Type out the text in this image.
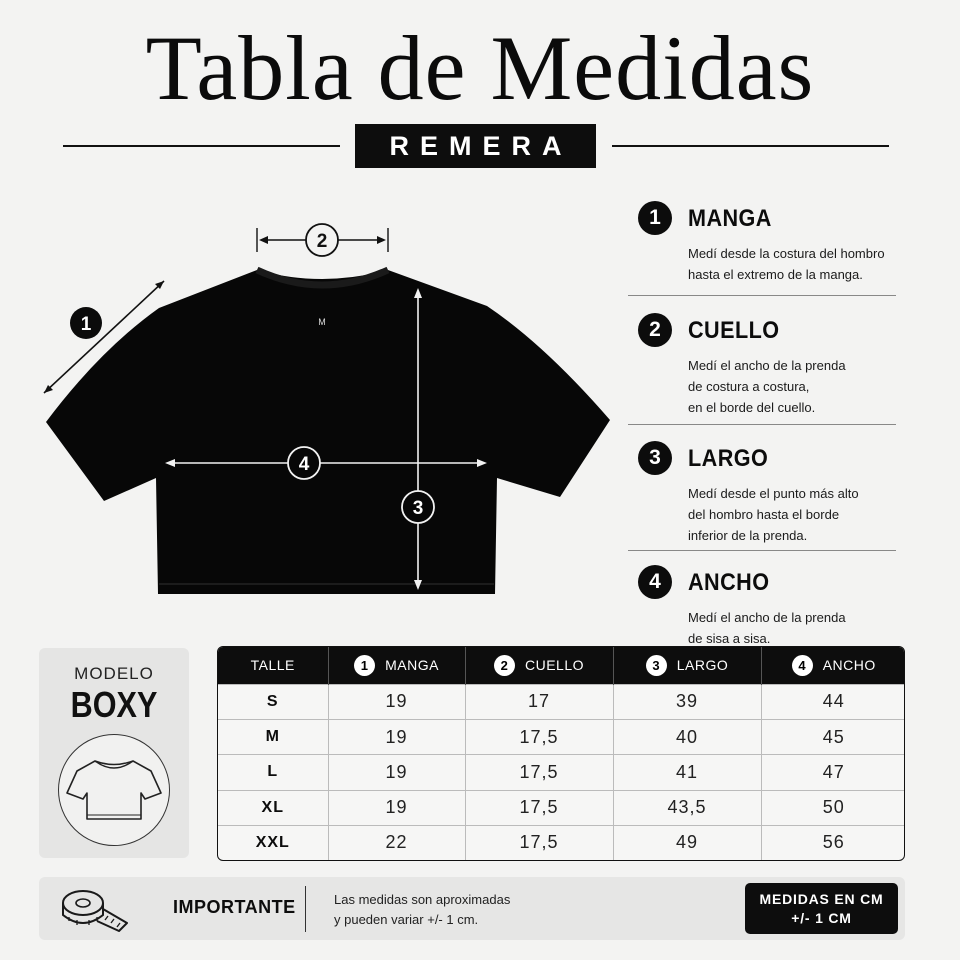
Tabla de Medidas
REMERA
M
1
2
3
4
1	MANGA
Medí desde la costura del hombro
hasta el extremo de la manga.
2	CUELLO
Medí el ancho de la prenda
de costura a costura,
en el borde del cuello.
3	LARGO
Medí desde el punto más alto
del hombro hasta el borde
inferior de la prenda.
4	ANCHO
Medí el ancho de la prenda
de sisa a sisa.
MODELO
BOXY
TALLE	1 MANGA	2 CUELLO	3 LARGO	4 ANCHO

S	19	17	39	44
M	19	17,5	40	45
L	19	17,5	41	47
XL	19	17,5	43,5	50
XXL	22	17,5	49	56
IMPORTANTE	Las medidas son aproximadas
y pueden variar +/- 1 cm.
MEDIDAS EN CM
+/- 1 CM
